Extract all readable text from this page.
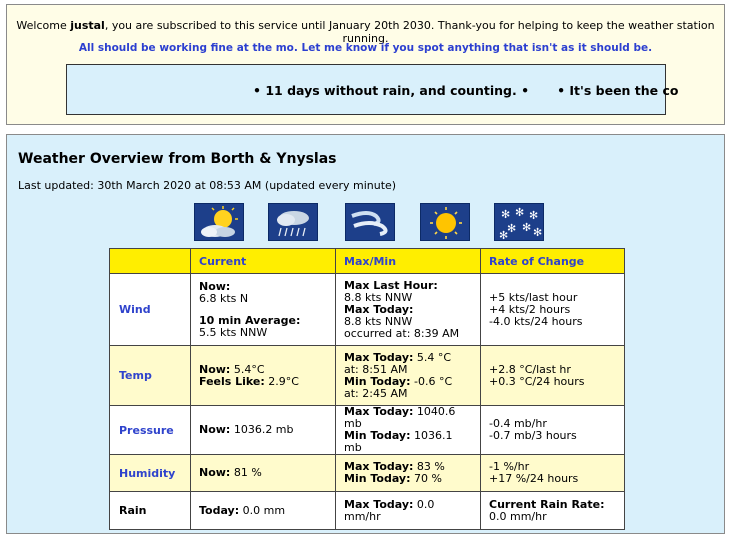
Welcome justal, you are subscribed to this service until January 20th 2030. Thank-you for helping to keep the weather station running.
All should be working fine at the mo. Let me know if you spot anything that isn't as it should be.
• 11 days without rain, and counting. • • It's been the co
Weather Overview from Borth & Ynyslas
Last updated: 30th March 2020 at 08:53 AM (updated every minute)
✻ ✻ ✻
✻ ✻ ✻
✻
	Current	Max/Min	Rate of Change
Wind	Now:
6.8 kts N
10 min Average:
5.5 kts NNW	Max Last Hour:
8.8 kts NNW
Max Today:
8.8 kts NNW
occurred at: 8:39 AM	+5 kts/last hour
+4 kts/2 hours
-4.0 kts/24 hours

Temp	Now: 5.4°C
Feels Like: 2.9°C	Max Today: 5.4 °C
at: 8:51 AM
Min Today: -0.6 °C
at: 2:45 AM	+2.8 °C/last hr
+0.3 °C/24 hours

Pressure	Now: 1036.2 mb	Max Today: 1040.6 mb
Min Today: 1036.1 mb	-0.4 mb/hr
-0.7 mb/3 hours

Humidity	Now: 81 %	Max Today: 83 %
Min Today: 70 %	-1 %/hr
+17 %/24 hours

Rain	Today: 0.0 mm	Max Today: 0.0 mm/hr	Current Rain Rate:
0.0 mm/hr
